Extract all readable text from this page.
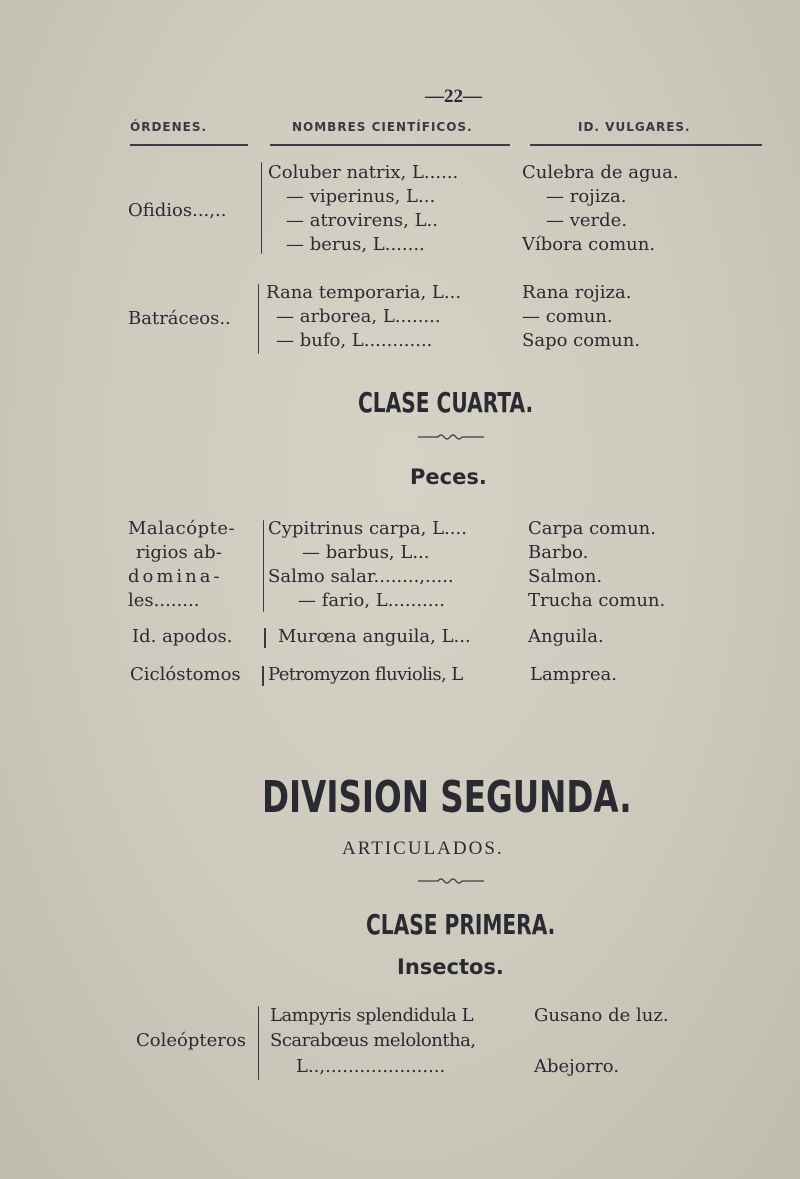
—22—
ÓRDENES.	NOMBRES CIENTÍFICOS.	ID. VULGARES.
Ofidios...,..
Coluber natrix, L......	Culebra de agua.
— viperinus, L...	— rojiza.
— atrovirens, L..	— verde.
— berus, L.......	Víbora comun.
Batráceos..
Rana temporaria, L...	Rana rojiza.
— arborea, L........	— comun.
— bufo, L............	Sapo comun.
CLASE CUARTA.
Peces.
Malacópte-
rigios ab-
domina-
les........
Cypitrinus carpa, L....	Carpa comun.
— barbus, L...	Barbo.
Salmo salar........,.....	Salmon.
— fario, L..........	Trucha comun.
Id. apodos.	Murœna anguila, L...	Anguila.
Ciclóstomos Petromyzon fluviolis, L	Lamprea.
DIVISION SEGUNDA.
ARTICULADOS.
CLASE PRIMERA.
Insectos.
Coleópteros
Lampyris splendidula L	Gusano de luz.
Scarabœus melolontha,
L..,.....................	Abejorro.
